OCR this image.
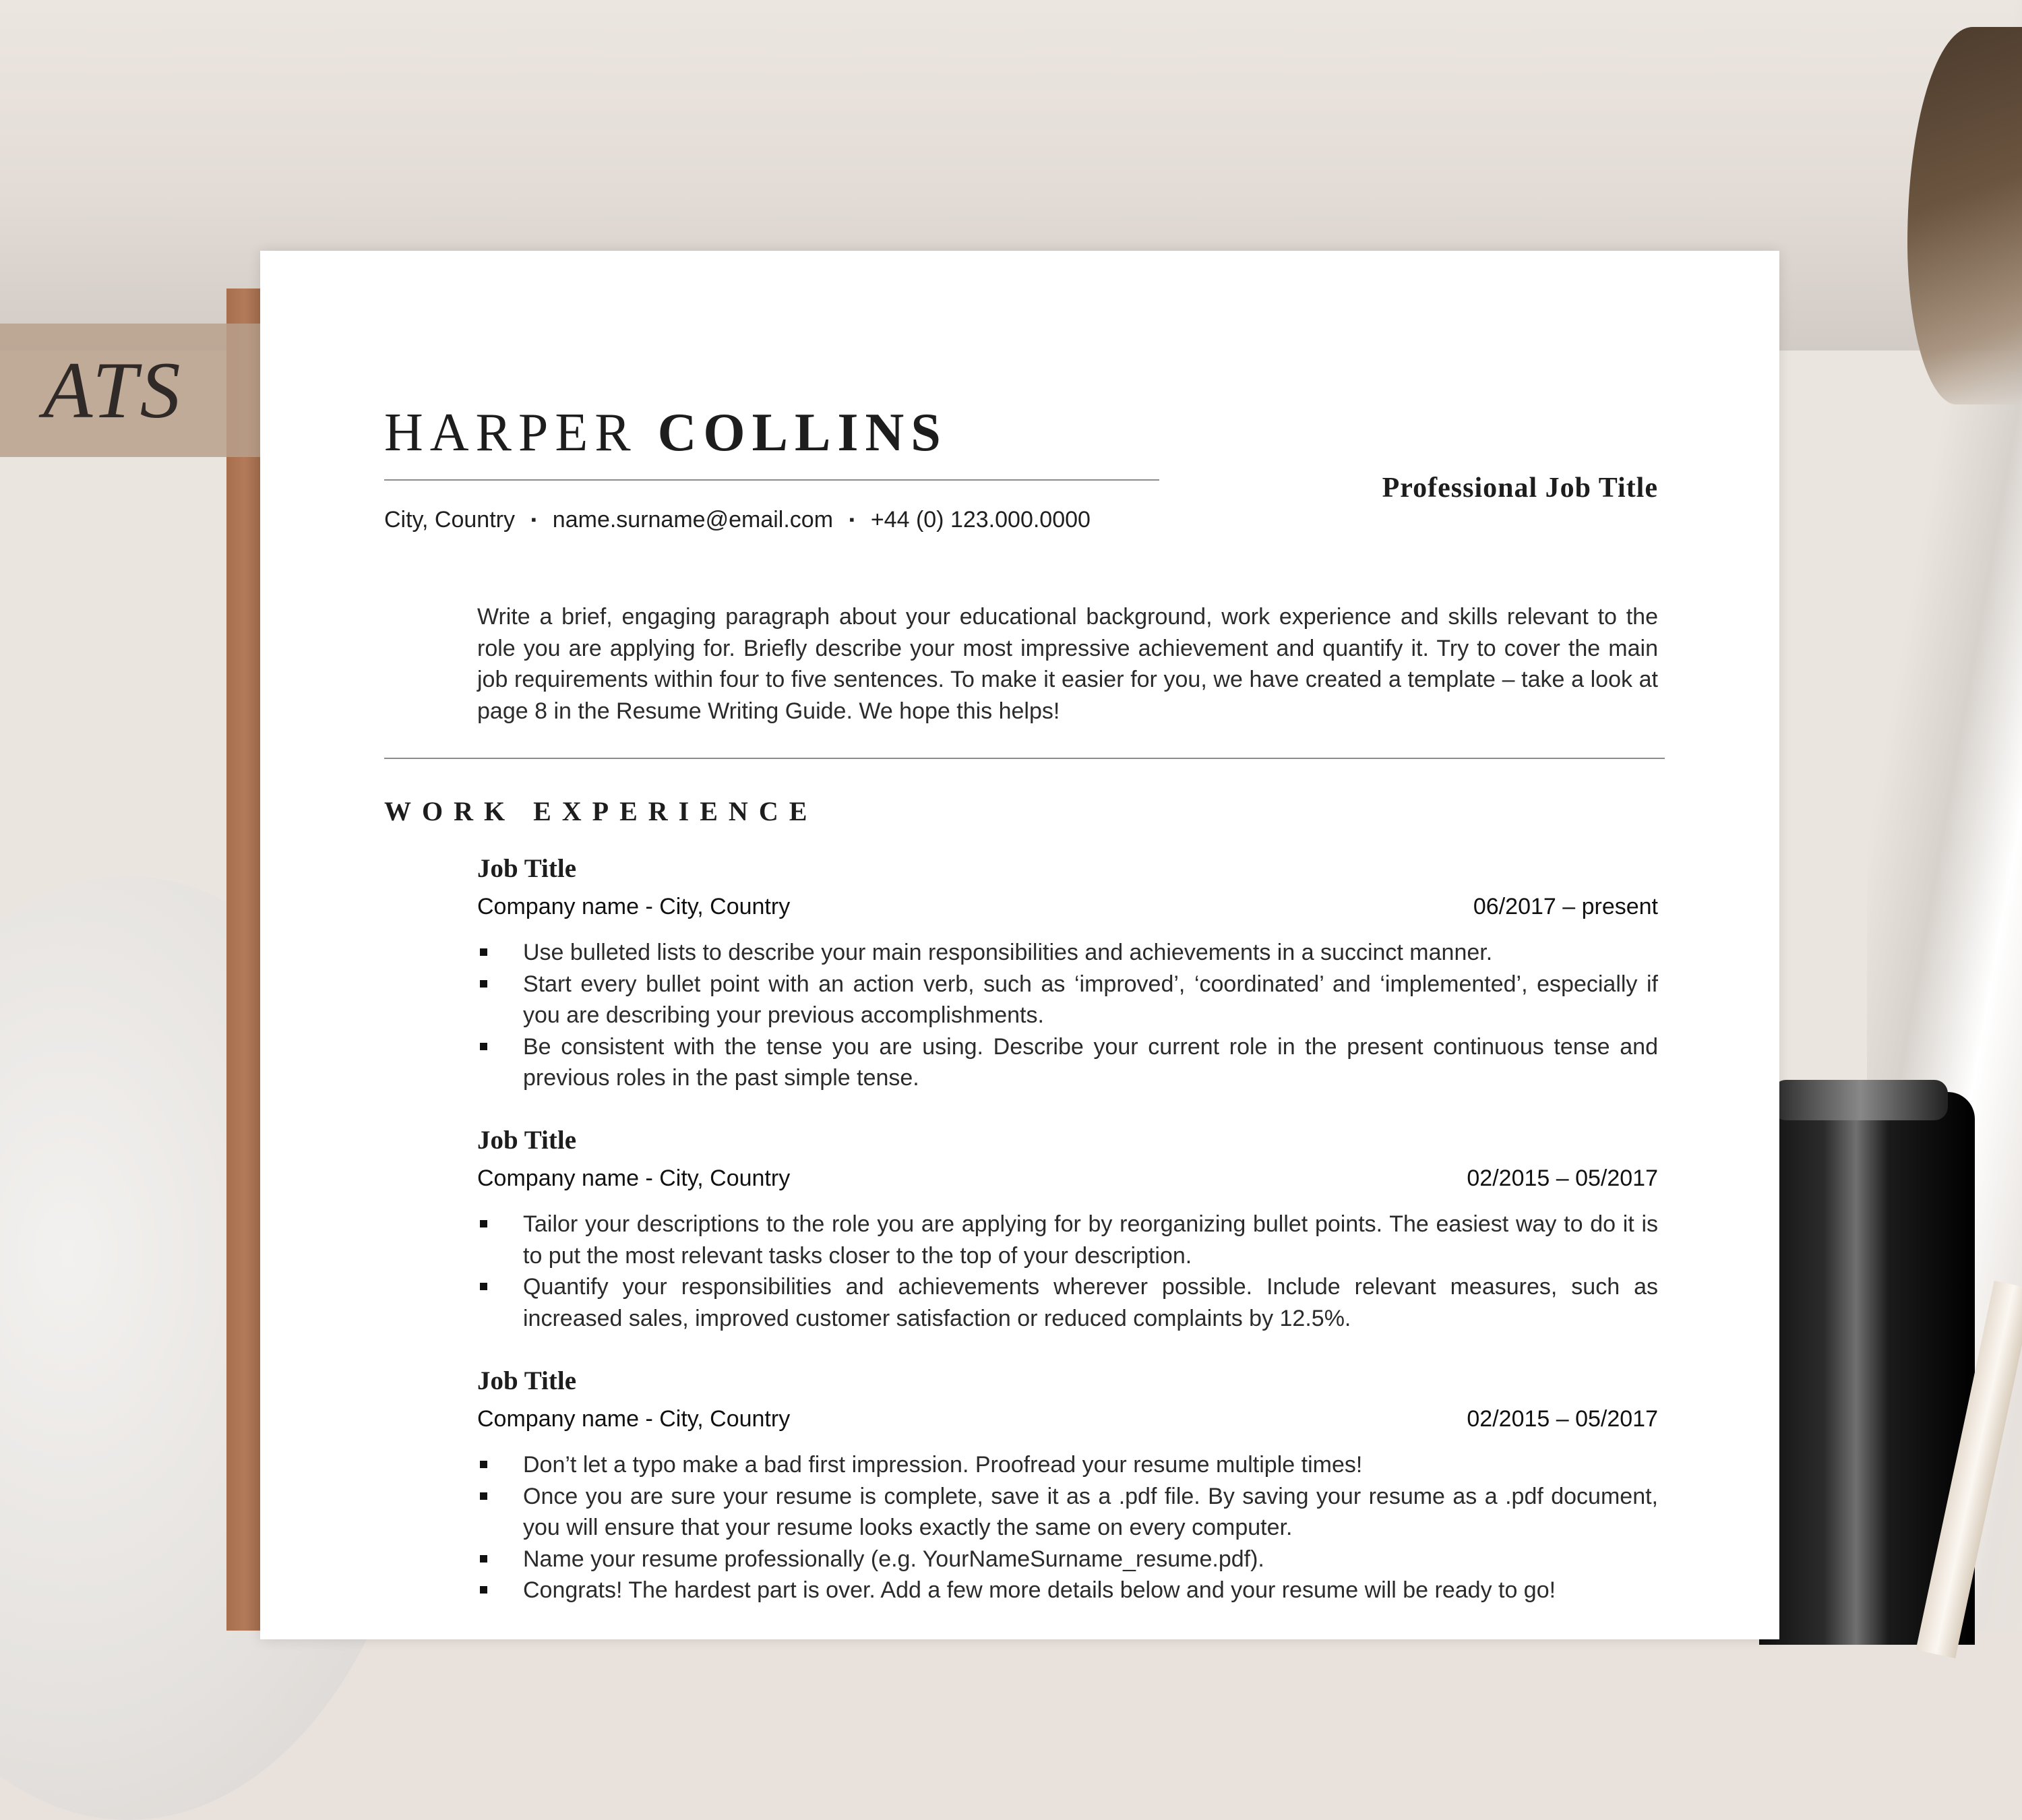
ATS	HARPER COLLINS
Professional Job Title
City, Country ▪ name.surname@email.com ▪ +44 (0) 123.000.0000
Write a brief, engaging paragraph about your educational background, work experience and skills relevant to the role you are applying for. Briefly describe your most impressive achievement and quantify it. Try to cover the main job requirements within four to five sentences. To make it easier for you, we have created a template – take a look at page 8 in the Resume Writing Guide. We hope this helps!
WORK EXPERIENCE
Job Title
Company name - City, Country	06/2017 – present
Use bulleted lists to describe your main responsibilities and achievements in a succinct manner.
Start every bullet point with an action verb, such as ‘improved’, ‘coordinated’ and ‘implemented’, especially if you are describing your previous accomplishments.
Be consistent with the tense you are using. Describe your current role in the present continuous tense and previous roles in the past simple tense.
Job Title
Company name - City, Country	02/2015 – 05/2017
Tailor your descriptions to the role you are applying for by reorganizing bullet points. The easiest way to do it is to put the most relevant tasks closer to the top of your description.
Quantify your responsibilities and achievements wherever possible. Include relevant measures, such as increased sales, improved customer satisfaction or reduced complaints by 12.5%.
Job Title
Company name - City, Country	02/2015 – 05/2017
Don’t let a typo make a bad first impression. Proofread your resume multiple times!
Once you are sure your resume is complete, save it as a .pdf file. By saving your resume as a .pdf document, you will ensure that your resume looks exactly the same on every computer.
Name your resume professionally (e.g. YourNameSurname_resume.pdf).
Congrats! The hardest part is over. Add a few more details below and your resume will be ready to go!
